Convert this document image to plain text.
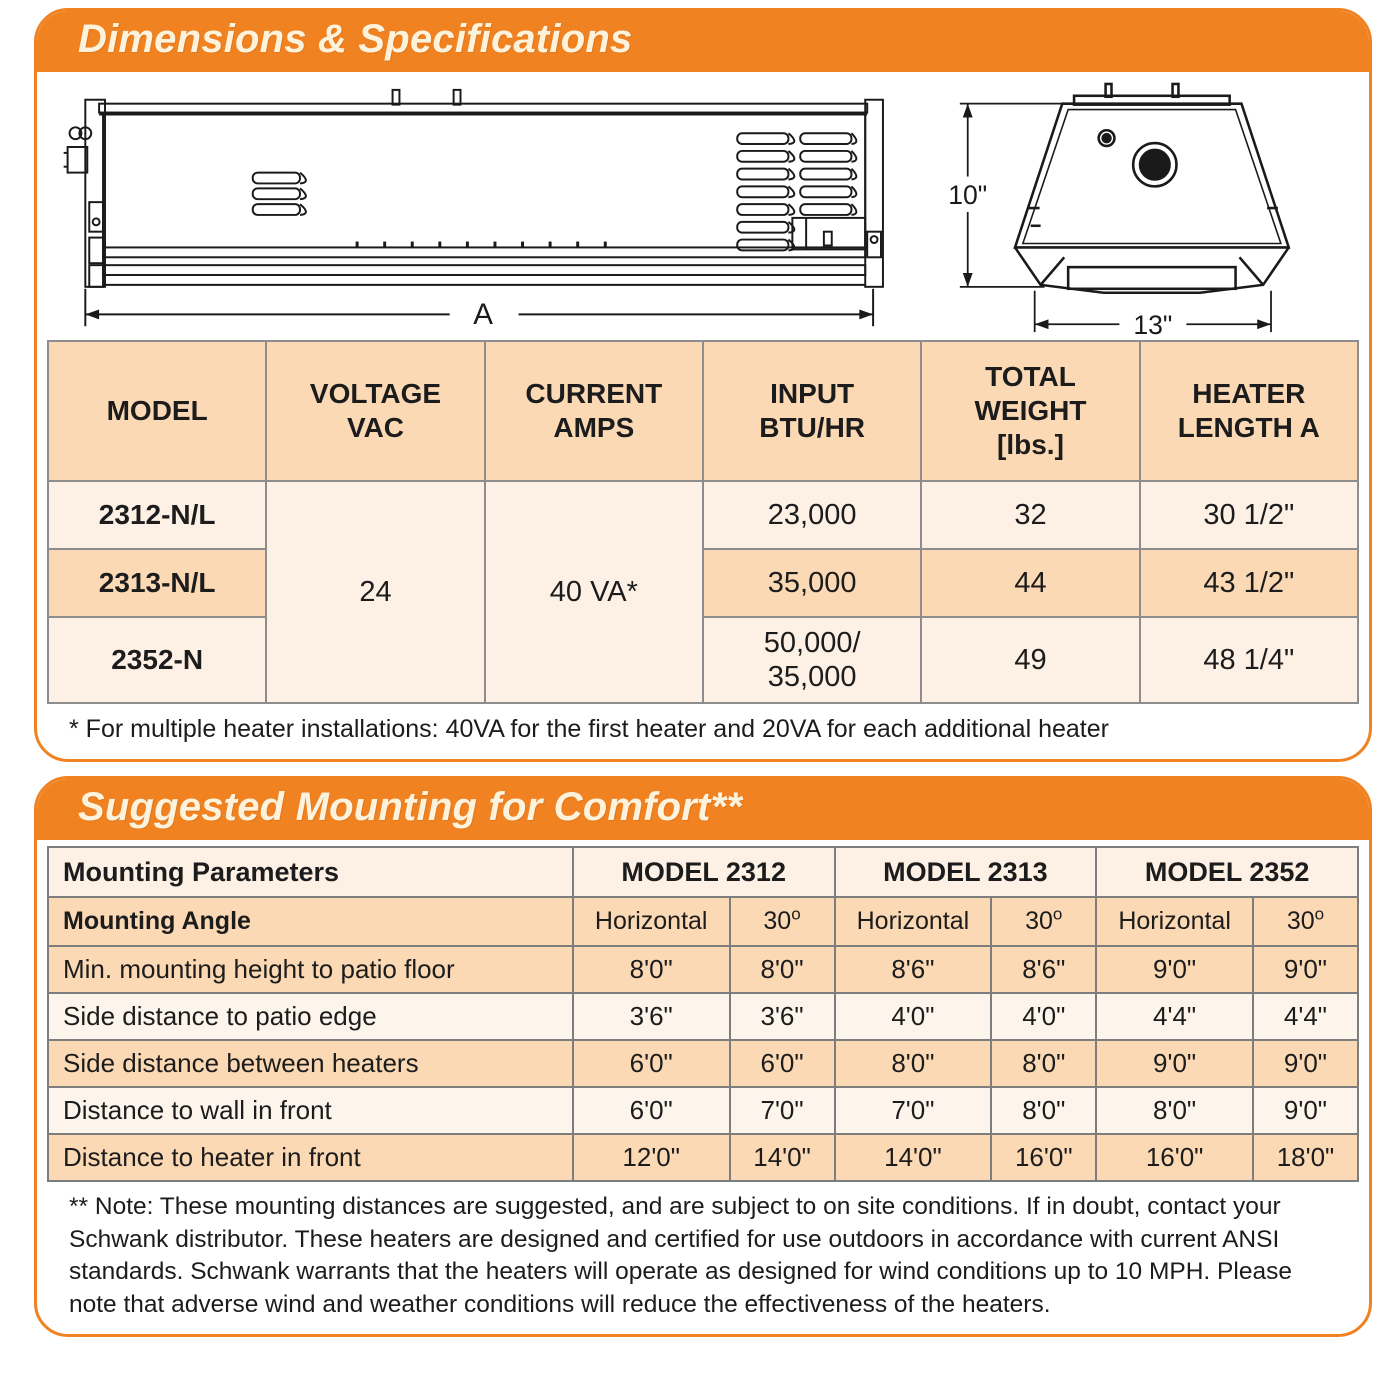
Dimensions & Specifications
A
10"
13"
MODEL	VOLTAGE
VAC	CURRENT
AMPS	INPUT
BTU/HR	TOTAL
WEIGHT
[lbs.]	HEATER
LENGTH A
2312-N/L	24	40 VA*	23,000	32	30 1/2"
2313-N/L			35,000	44	43 1/2"
2352-N			50,000/
35,000	49	48 1/4"
* For multiple heater installations: 40VA for the first heater and 20VA for each additional heater
Suggested Mounting for Comfort**
Mounting Parameters	MODEL 2312		MODEL 2313		MODEL 2352	
Mounting Angle	Horizontal	30$^o$	Horizontal	30$^o$	Horizontal	30$^o$
Min. mounting height to patio floor	8'0"	8'0"	8'6"	8'6"	9'0"	9'0"
Side distance to patio edge	3'6"	3'6"	4'0"	4'0"	4'4"	4'4"
Side distance between heaters	6'0"	6'0"	8'0"	8'0"	9'0"	9'0"
Distance to wall in front	6'0"	7'0"	7'0"	8'0"	8'0"	9'0"
Distance to heater in front	12'0"	14'0"	14'0"	16'0"	16'0"	18'0"
** Note: These mounting distances are suggested, and are subject to on site conditions. If in doubt, contact your Schwank distributor. These heaters are designed and certified for use outdoors in accordance with current ANSI standards. Schwank warrants that the heaters will operate as designed for wind conditions up to 10 MPH. Please note that adverse wind and weather conditions will reduce the effectiveness of the heaters.
